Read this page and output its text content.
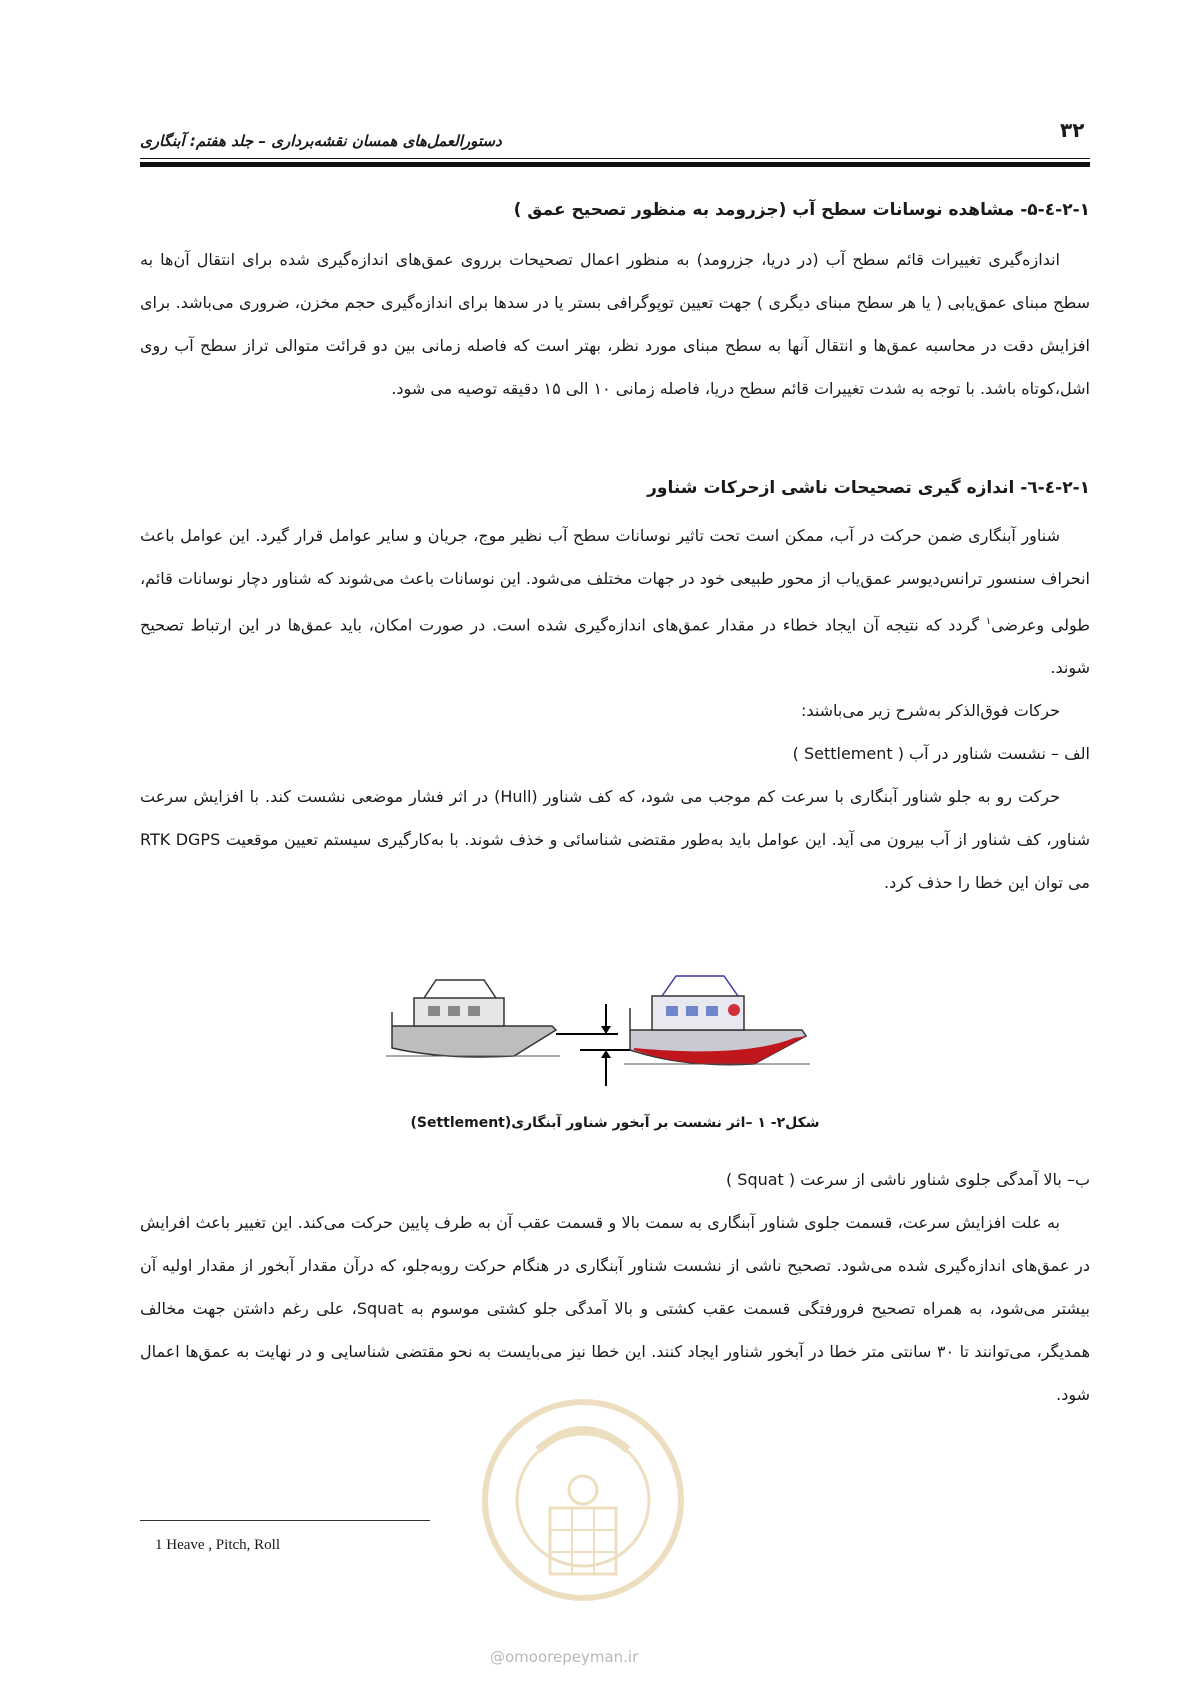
۳۲
دستورالعمل‌های همسان نقشه‌برداری – جلد هفتم: آبنگاری
۲-۱-٤-۵- مشاهده نوسانات سطح آب (جزرومد به منظور تصحیح عمق )
اندازه‌گیری تغییرات قائم سطح آب (در دریا، جزرومد) به منظور اعمال تصحیحات برروی عمق‌های اندازه‌گیری شده برای انتقال آن‌ها به سطح مبنای عمق‌یابی ( یا هر سطح مبنای دیگری ) جهت تعیین توپوگرافی بستر یا در سدها برای اندازه‌گیری حجم مخزن، ضروری می‌باشد. برای افزایش دقت در محاسبه عمق‌ها و انتقال آنها به سطح مبنای مورد نظر، بهتر است که فاصله زمانی بین دو قرائت متوالی تراز سطح آب روی اشل،کوتاه باشد. با توجه به شدت تغییرات قائم سطح دریا، فاصله زمانی ۱۰ الی ۱۵ دقیقه توصیه می شود.
۲-۱-٤-٦- اندازه گیری تصحیحات ناشی ازحرکات شناور
شناور آبنگاری ضمن حرکت در آب، ممکن است تحت تاثیر نوسانات سطح آب نظیر موج، جریان و سایر عوامل قرار گیرد. این عوامل باعث انحراف سنسور ترانس‌دیوسر عمق‌یاب از محور طبیعی خود در جهات مختلف می‌شود. این نوسانات باعث می‌شوند که شناور دچار نوسانات قائم، طولی وعرضی$^۱$ گردد که نتیجه آن ایجاد خطاء در مقدار عمق‌های اندازه‌گیری شده است. در صورت امکان، باید عمق‌ها در این ارتباط تصحیح شوند.
حرکات فوق‌الذکر به‌شرح زیر می‌باشند:
الف – نشست شناور در آب ( Settlement )
حرکت رو به جلو شناور آبنگاری با سرعت کم موجب می شود، که کف شناور (Hull) در اثر فشار موضعی نشست کند. با افزایش سرعت شناور، کف شناور از آب بیرون می آید. این عوامل باید به‌طور مقتضی شناسائی و خذف شوند. با به‌کارگیری سیستم تعیین موقعیت RTK DGPS می توان این خطا را حذف کرد.
شکل۲- ۱ –اثر نشست بر آبخور شناور آبنگاری(Settlement)
ب– بالا آمدگی جلوی شناور ناشی از سرعت ( Squat )
به علت افزایش سرعت، قسمت جلوی شناور آبنگاری به سمت بالا و قسمت عقب آن به طرف پایین حرکت می‌کند. این تغییر باعث افرایش در عمق‌های اندازه‌گیری شده می‌شود. تصحیح ناشی از نشست شناور آبنگاری در هنگام حرکت روبه‌جلو، که درآن مقدار آبخور از مقدار اولیه آن بیشتر می‌شود، به همراه تصحیح فرورفتگی قسمت عقب کشتی و بالا آمدگی جلو کشتی موسوم به Squat، علی رغم داشتن جهت مخالف همدیگر، می‌توانند تا ۳۰ سانتی متر خطا در آبخور شناور ایجاد کنند. این خطا نیز می‌بایست به نحو مقتضی شناسایی و در نهایت به عمق‌ها اعمال شود.
1 Heave , Pitch, Roll
@omoorepeyman.ir
